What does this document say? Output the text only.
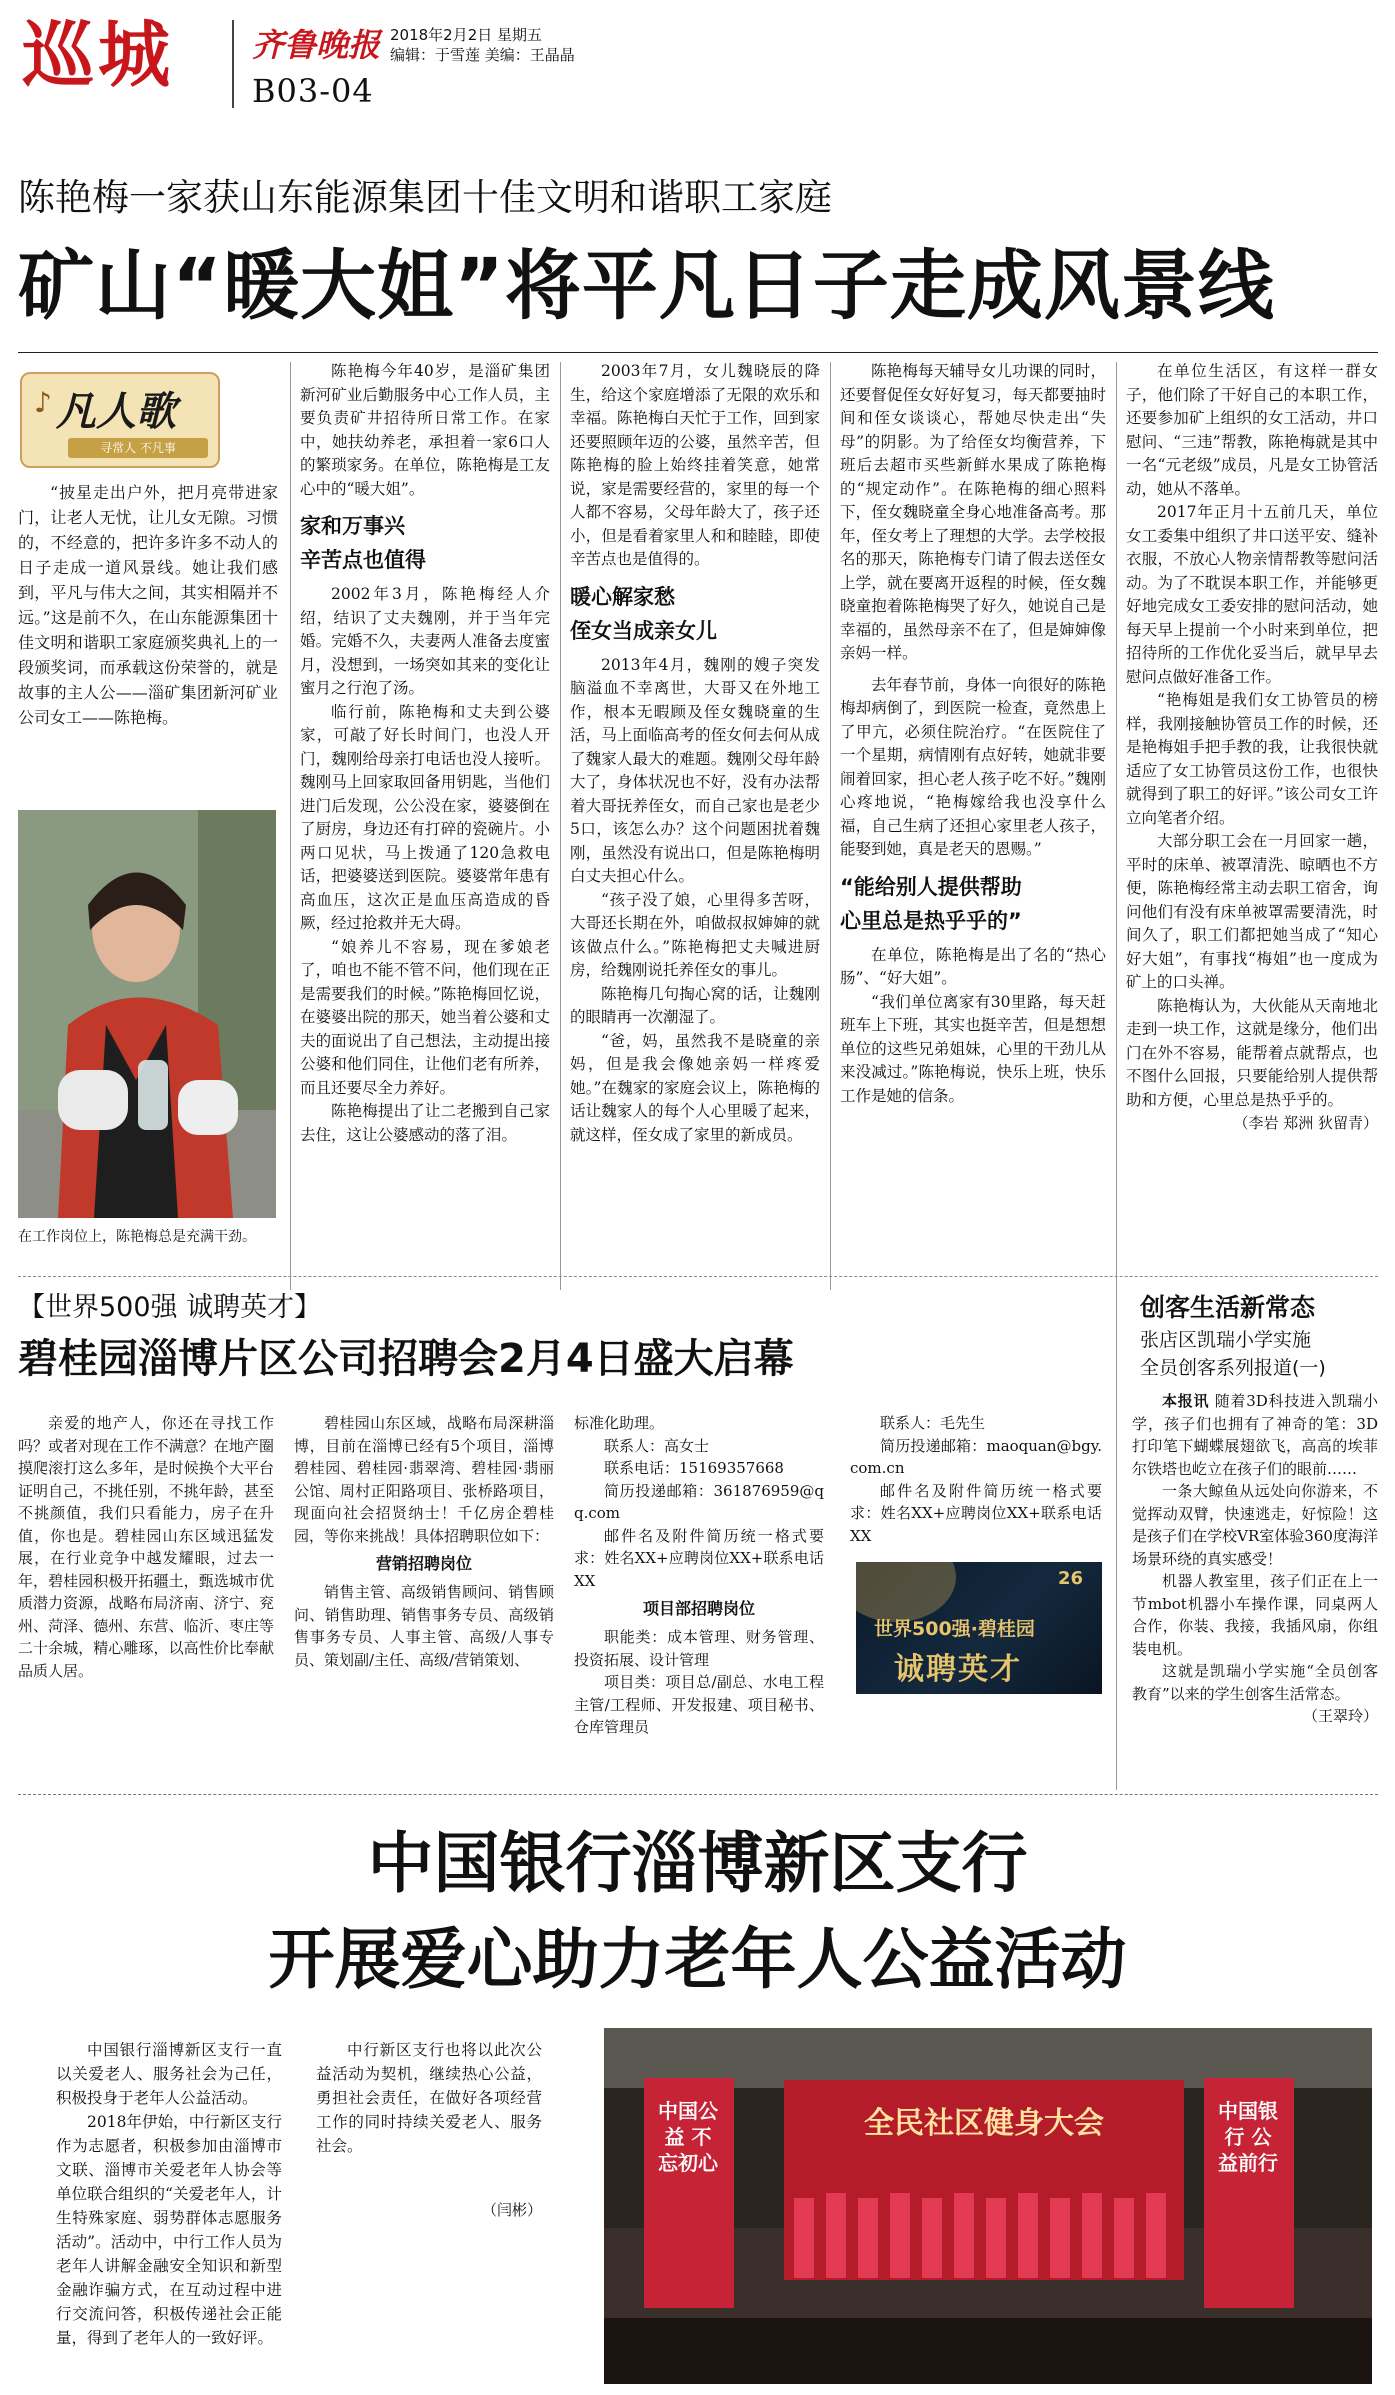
巡城 齐鲁晚报 2018年2月2日 星期五
编辑：于雪莲 美编：王晶晶
B03-04
陈艳梅一家获山东能源集团十佳文明和谐职工家庭
矿山“暖大姐”将平凡日子走成风景线
凡人歌
♪
寻常人 不凡事

“披星走出户外，把月亮带进家门，让老人无忧，让儿女无隙。习惯的，不经意的，把许多许多不动人的日子走成一道风景线。她让我们感到，平凡与伟大之间，其实相隔并不远。”这是前不久，在山东能源集团十佳文明和谐职工家庭颁奖典礼上的一段颁奖词，而承载这份荣誉的，就是故事的主人公——淄矿集团新河矿业公司女工——陈艳梅。

在工作岗位上，陈艳梅总是充满干劲。

陈艳梅今年40岁，是淄矿集团新河矿业后勤服务中心工作人员，主要负责矿井招待所日常工作。在家中，她扶幼养老，承担着一家6口人的繁琐家务。在单位，陈艳梅是工友心中的“暖大姐”。

家和万事兴
辛苦点也值得

2002年3月，陈艳梅经人介绍，结识了丈夫魏刚，并于当年完婚。完婚不久，夫妻两人准备去度蜜月，没想到，一场突如其来的变化让蜜月之行泡了汤。

临行前，陈艳梅和丈夫到公婆家，可敲了好长时间门，也没人开门，魏刚给母亲打电话也没人接听。魏刚马上回家取回备用钥匙，当他们进门后发现，公公没在家，婆婆倒在了厨房，身边还有打碎的瓷碗片。小两口见状，马上拨通了120急救电话，把婆婆送到医院。婆婆常年患有高血压，这次正是血压高造成的昏厥，经过抢救并无大碍。

“娘养儿不容易，现在爹娘老了，咱也不能不管不问，他们现在正是需要我们的时候。”陈艳梅回忆说，在婆婆出院的那天，她当着公婆和丈夫的面说出了自己想法，主动提出接公婆和他们同住，让他们老有所养，而且还要尽全力养好。

陈艳梅提出了让二老搬到自己家去住，这让公婆感动的落了泪。

2003年7月，女儿魏晓辰的降生，给这个家庭增添了无限的欢乐和幸福。陈艳梅白天忙于工作，回到家还要照顾年迈的公婆，虽然辛苦，但陈艳梅的脸上始终挂着笑意，她常说，家是需要经营的，家里的每一个人都不容易，父母年龄大了，孩子还小，但是看着家里人和和睦睦，即使辛苦点也是值得的。

暖心解家愁
侄女当成亲女儿

2013年4月，魏刚的嫂子突发脑溢血不幸离世，大哥又在外地工作，根本无暇顾及侄女魏晓童的生活，马上面临高考的侄女何去何从成了魏家人最大的难题。魏刚父母年龄大了，身体状况也不好，没有办法帮着大哥抚养侄女，而自己家也是老少5口，该怎么办？这个问题困扰着魏刚，虽然没有说出口，但是陈艳梅明白丈夫担心什么。

“孩子没了娘，心里得多苦呀，大哥还长期在外，咱做叔叔婶婶的就该做点什么。”陈艳梅把丈夫喊进厨房，给魏刚说托养侄女的事儿。

陈艳梅几句掏心窝的话，让魏刚的眼睛再一次潮湿了。

“爸，妈，虽然我不是晓童的亲妈，但是我会像她亲妈一样疼爱她。”在魏家的家庭会议上，陈艳梅的话让魏家人的每个人心里暖了起来，就这样，侄女成了家里的新成员。

陈艳梅每天辅导女儿功课的同时，还要督促侄女好好复习，每天都要抽时间和侄女谈谈心，帮她尽快走出“失母”的阴影。为了给侄女均衡营养，下班后去超市买些新鲜水果成了陈艳梅的“规定动作”。在陈艳梅的细心照料下，侄女魏晓童全身心地准备高考。那年，侄女考上了理想的大学。去学校报名的那天，陈艳梅专门请了假去送侄女上学，就在要离开返程的时候，侄女魏晓童抱着陈艳梅哭了好久，她说自己是幸福的，虽然母亲不在了，但是婶婶像亲妈一样。

去年春节前，身体一向很好的陈艳梅却病倒了，到医院一检查，竟然患上了甲亢，必须住院治疗。“在医院住了一个星期，病情刚有点好转，她就非要闹着回家，担心老人孩子吃不好。”魏刚心疼地说，“艳梅嫁给我也没享什么福，自己生病了还担心家里老人孩子，能娶到她，真是老天的恩赐。”

“能给别人提供帮助
心里总是热乎乎的”

在单位，陈艳梅是出了名的“热心肠”、“好大姐”。

“我们单位离家有30里路，每天赶班车上下班，其实也挺辛苦，但是想想单位的这些兄弟姐妹，心里的干劲儿从来没减过。”陈艳梅说，快乐上班，快乐工作是她的信条。

在单位生活区，有这样一群女子，他们除了干好自己的本职工作，还要参加矿上组织的女工活动，井口慰问、“三违”帮教，陈艳梅就是其中一名“元老级”成员，凡是女工协管活动，她从不落单。

2017年正月十五前几天，单位女工委集中组织了井口送平安、缝补衣服，不放心人物亲情帮教等慰问活动。为了不耽误本职工作，并能够更好地完成女工委安排的慰问活动，她每天早上提前一个小时来到单位，把招待所的工作优化妥当后，就早早去慰问点做好准备工作。

“艳梅姐是我们女工协管员的榜样，我刚接触协管员工作的时候，还是艳梅姐手把手教的我，让我很快就适应了女工协管员这份工作，也很快就得到了职工的好评。”该公司女工许立向笔者介绍。

大部分职工会在一月回家一趟，平时的床单、被罩清洗、晾晒也不方便，陈艳梅经常主动去职工宿舍，询问他们有没有床单被罩需要清洗，时间久了，职工们都把她当成了“知心好大姐”，有事找“梅姐”也一度成为矿上的口头禅。

陈艳梅认为，大伙能从天南地北走到一块工作，这就是缘分，他们出门在外不容易，能帮着点就帮点，也不图什么回报，只要能给别人提供帮助和方便，心里总是热乎乎的。

（李岩 郑洲 狄留青）
【世界500强 诚聘英才】
碧桂园淄博片区公司招聘会2月4日盛大启幕

亲爱的地产人，你还在寻找工作吗？或者对现在工作不满意？在地产圈摸爬滚打这么多年，是时候换个大平台证明自己，不挑任别，不挑年龄，甚至不挑颜值，我们只看能力，房子在升值，你也是。碧桂园山东区域迅猛发展，在行业竞争中越发耀眼，过去一年，碧桂园积极开拓疆土，甄选城市优质潜力资源，战略布局济南、济宁、兖州、菏泽、德州、东营、临沂、枣庄等二十余城，精心雕琢，以高性价比奉献品质人居。

碧桂园山东区域，战略布局深耕淄博，目前在淄博已经有5个项目，淄博碧桂园、碧桂园·翡翠湾、碧桂园·翡丽公馆、周村正阳路项目、张桥路项目，现面向社会招贤纳士！千亿房企碧桂园，等你来挑战！具体招聘职位如下：

营销招聘岗位

销售主管、高级销售顾问、销售顾问、销售助理、销售事务专员、高级销售事务专员、人事主管、高级/人事专员、策划副/主任、高级/营销策划、

标准化助理。

联系人：高女士

联系电话：15169357668

简历投递邮箱：361876959@qq.com

邮件名及附件简历统一格式要求：姓名XX+应聘岗位XX+联系电话XX

项目部招聘岗位

职能类：成本管理、财务管理、投资拓展、设计管理

项目类：项目总/副总、水电工程主管/工程师、开发报建、项目秘书、仓库管理员

联系人：毛先生

简历投递邮箱：maoquan@bgy.com.cn

邮件名及附件简历统一格式要求：姓名XX+应聘岗位XX+联系电话XX

26
世界500强·碧桂园
诚聘英才
创客生活新常态
张店区凯瑞小学实施
全员创客系列报道(一)

本报讯 随着3D科技进入凯瑞小学，孩子们也拥有了神奇的笔：3D打印笔下蝴蝶展翅欲飞，高高的埃菲尔铁塔也屹立在孩子们的眼前……

一条大鲸鱼从远处向你游来，不觉挥动双臂，快速逃走，好惊险！这是孩子们在学校VR室体验360度海洋场景环绕的真实感受！

机器人教室里，孩子们正在上一节mbot机器小车操作课，同桌两人合作，你装、我接，我插风扇，你组装电机。

这就是凯瑞小学实施“全员创客教育”以来的学生创客生活常态。

（王翠玲）
中国银行淄博新区支行
开展爱心助力老年人公益活动

中国银行淄博新区支行一直以关爱老人、服务社会为己任，积极投身于老年人公益活动。

2018年伊始，中行新区支行作为志愿者，积极参加由淄博市文联、淄博市关爱老年人协会等单位联合组织的“关爱老年人，计生特殊家庭、弱势群体志愿服务活动”。活动中，中行工作人员为老年人讲解金融安全知识和新型金融诈骗方式，在互动过程中进行交流问答，积极传递社会正能量，得到了老年人的一致好评。

中行新区支行也将以此次公益活动为契机，继续热心公益，勇担社会责任，在做好各项经营工作的同时持续关爱老人、服务社会。

（闫彬）
全民社区健身大会
中国公益 不忘初心
中国银行 公益前行
